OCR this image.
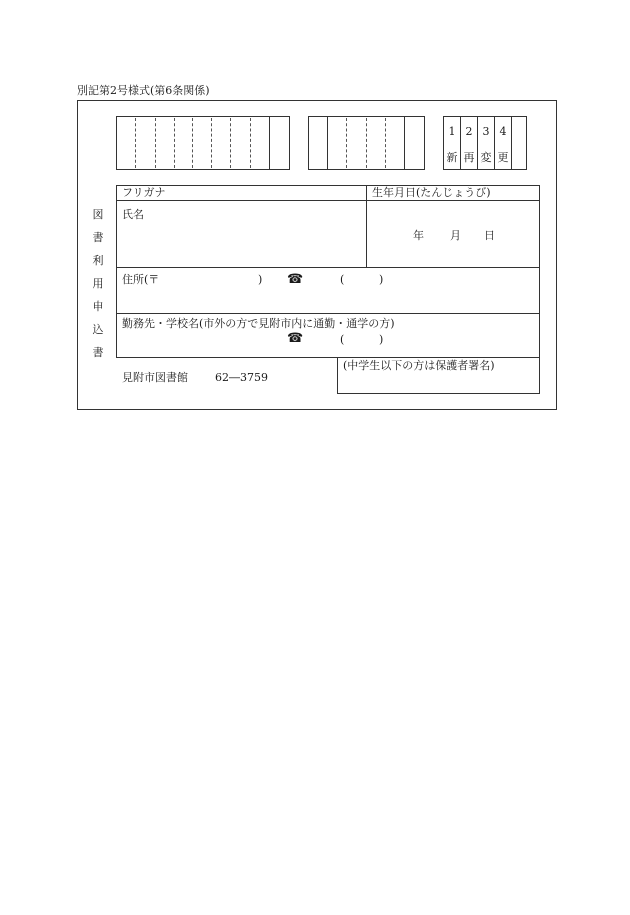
別記第2号様式(第6条関係)
1
新
2
再
3
変
4
更
図
書
利
用
申
込
書
フリガナ	生年月日(たんじょうび)
氏名
年 月 日
住所(〒	) ☎	(	)
勤務先・学校名(市外の方で見附市内に通勤・通学の方)
☎	(	)
(中学生以下の方は保護者署名)
見附市図書館 62―3759
